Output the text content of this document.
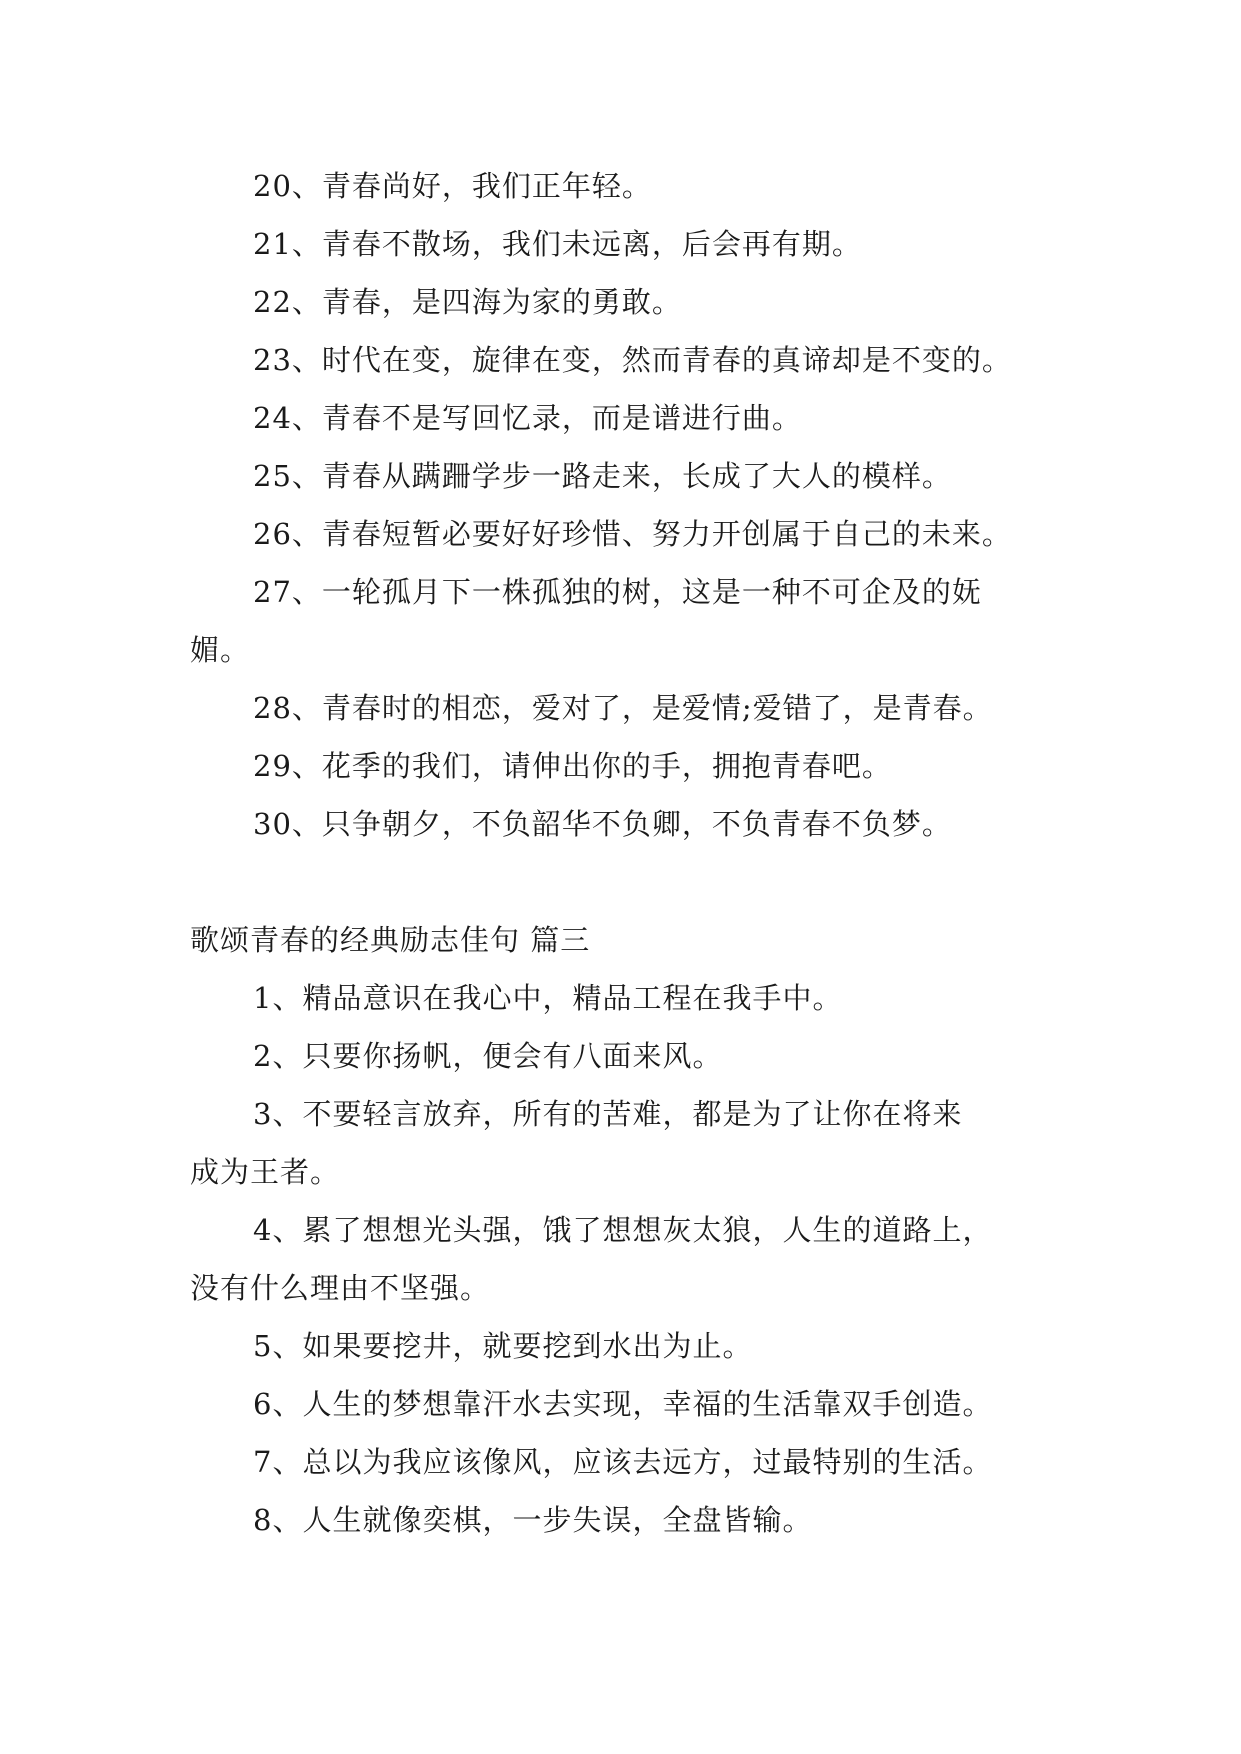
20、青春尚好，我们正年轻。
21、青春不散场，我们未远离，后会再有期。
22、青春，是四海为家的勇敢。
23、时代在变，旋律在变，然而青春的真谛却是不变的。
24、青春不是写回忆录，而是谱进行曲。
25、青春从蹒跚学步一路走来，长成了大人的模样。
26、青春短暂必要好好珍惜、努力开创属于自己的未来。
27、一轮孤月下一株孤独的树，这是一种不可企及的妩
媚。
28、青春时的相恋，爱对了，是爱情;爱错了，是青春。
29、花季的我们，请伸出你的手，拥抱青春吧。
30、只争朝夕，不负韶华不负卿，不负青春不负梦。
歌颂青春的经典励志佳句 篇三
1、精品意识在我心中，精品工程在我手中。
2、只要你扬帆，便会有八面来风。
3、不要轻言放弃，所有的苦难，都是为了让你在将来
成为王者。
4、累了想想光头强，饿了想想灰太狼，人生的道路上，
没有什么理由不坚强。
5、如果要挖井，就要挖到水出为止。
6、人生的梦想靠汗水去实现，幸福的生活靠双手创造。
7、总以为我应该像风，应该去远方，过最特别的生活。
8、人生就像奕棋，一步失误，全盘皆输。
